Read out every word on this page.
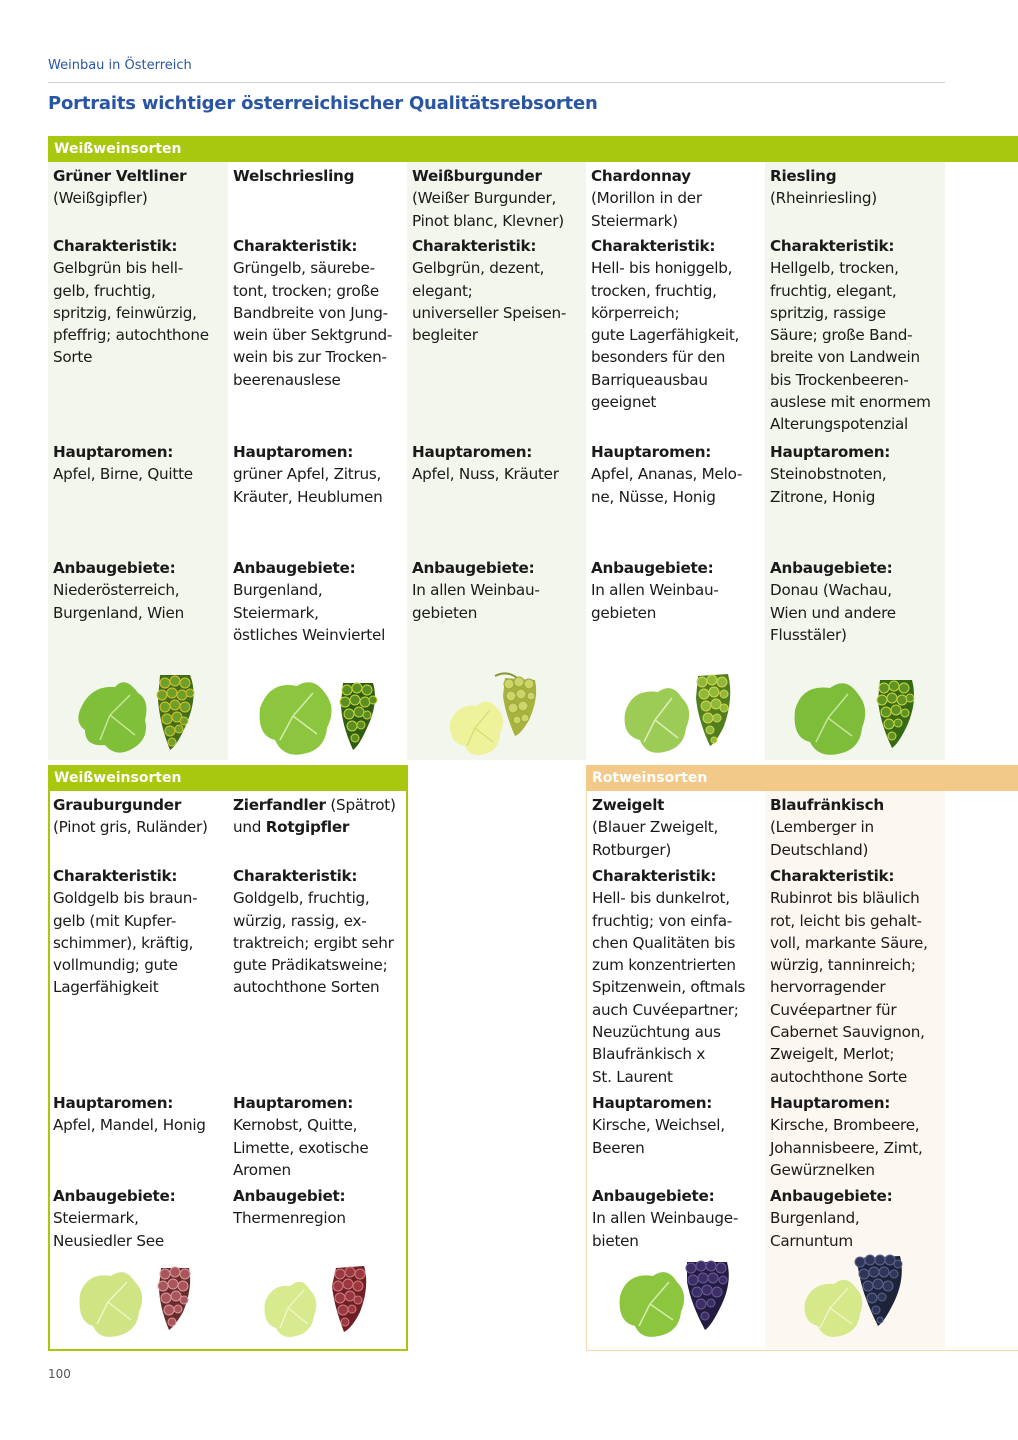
Weinbau in Österreich
Portraits wichtiger österreichischer Qualitätsrebsorten
Weißweinsorten
Weißweinsorten	Rotweinsorten
Grüner Veltliner
(Weißgipfler)
Charakteristik:
Gelbgrün bis hell-
gelb, fruchtig,
spritzig, feinwürzig,
pfeffrig; autochthone
Sorte
Hauptaromen:
Apfel, Birne, Quitte
Anbaugebiete:
Niederösterreich,
Burgenland, Wien
Welschriesling
Charakteristik:
Grüngelb, säurebe-
tont, trocken; große
Bandbreite von Jung-
wein über Sektgrund-
wein bis zur Trocken-
beerenauslese
Hauptaromen:
grüner Apfel, Zitrus,
Kräuter, Heublumen
Anbaugebiete:
Burgenland,
Steiermark,
östliches Weinviertel
Weißburgunder
(Weißer Burgunder,
Pinot blanc, Klevner)
Charakteristik:
Gelbgrün, dezent,
elegant;
universeller Speisen-
begleiter
Hauptaromen:
Apfel, Nuss, Kräuter
Anbaugebiete:
In allen Weinbau-
gebieten
Chardonnay
(Morillon in der
Steiermark)
Charakteristik:
Hell- bis honiggelb,
trocken, fruchtig,
körperreich;
gute Lagerfähigkeit,
besonders für den
Barriqueausbau
geeignet
Hauptaromen:
Apfel, Ananas, Melo-
ne, Nüsse, Honig
Anbaugebiete:
In allen Weinbau-
gebieten
Riesling
(Rheinriesling)
Charakteristik:
Hellgelb, trocken,
fruchtig, elegant,
spritzig, rassige
Säure; große Band-
breite von Landwein
bis Trockenbeeren-
auslese mit enormem
Alterungspotenzial
Hauptaromen:
Steinobstnoten,
Zitrone, Honig
Anbaugebiete:
Donau (Wachau,
Wien und andere
Flusstäler)
Grauburgunder
(Pinot gris, Ruländer)
Charakteristik:
Goldgelb bis braun-
gelb (mit Kupfer-
schimmer), kräftig,
vollmundig; gute
Lagerfähigkeit
Hauptaromen:
Apfel, Mandel, Honig
Anbaugebiete:
Steiermark,
Neusiedler See
Zierfandler (Spätrot)
und Rotgipfler
Charakteristik:
Goldgelb, fruchtig,
würzig, rassig, ex-
traktreich; ergibt sehr
gute Prädikatsweine;
autochthone Sorten
Hauptaromen:
Kernobst, Quitte,
Limette, exotische
Aromen
Anbaugebiet:
Thermenregion
Zweigelt
(Blauer Zweigelt,
Rotburger)
Charakteristik:
Hell- bis dunkelrot,
fruchtig; von einfa-
chen Qualitäten bis
zum konzentrierten
Spitzenwein, oftmals
auch Cuvéepartner;
Neuzüchtung aus
Blaufränkisch x
St. Laurent
Hauptaromen:
Kirsche, Weichsel,
Beeren
Anbaugebiete:
In allen Weinbauge-
bieten
Blaufränkisch
(Lemberger in
Deutschland)
Charakteristik:
Rubinrot bis bläulich
rot, leicht bis gehalt-
voll, markante Säure,
würzig, tanninreich;
hervorragender
Cuvéepartner für
Cabernet Sauvignon,
Zweigelt, Merlot;
autochthone Sorte
Hauptaromen:
Kirsche, Brombeere,
Johannisbeere, Zimt,
Gewürznelken
Anbaugebiete:
Burgenland,
Carnuntum
100
